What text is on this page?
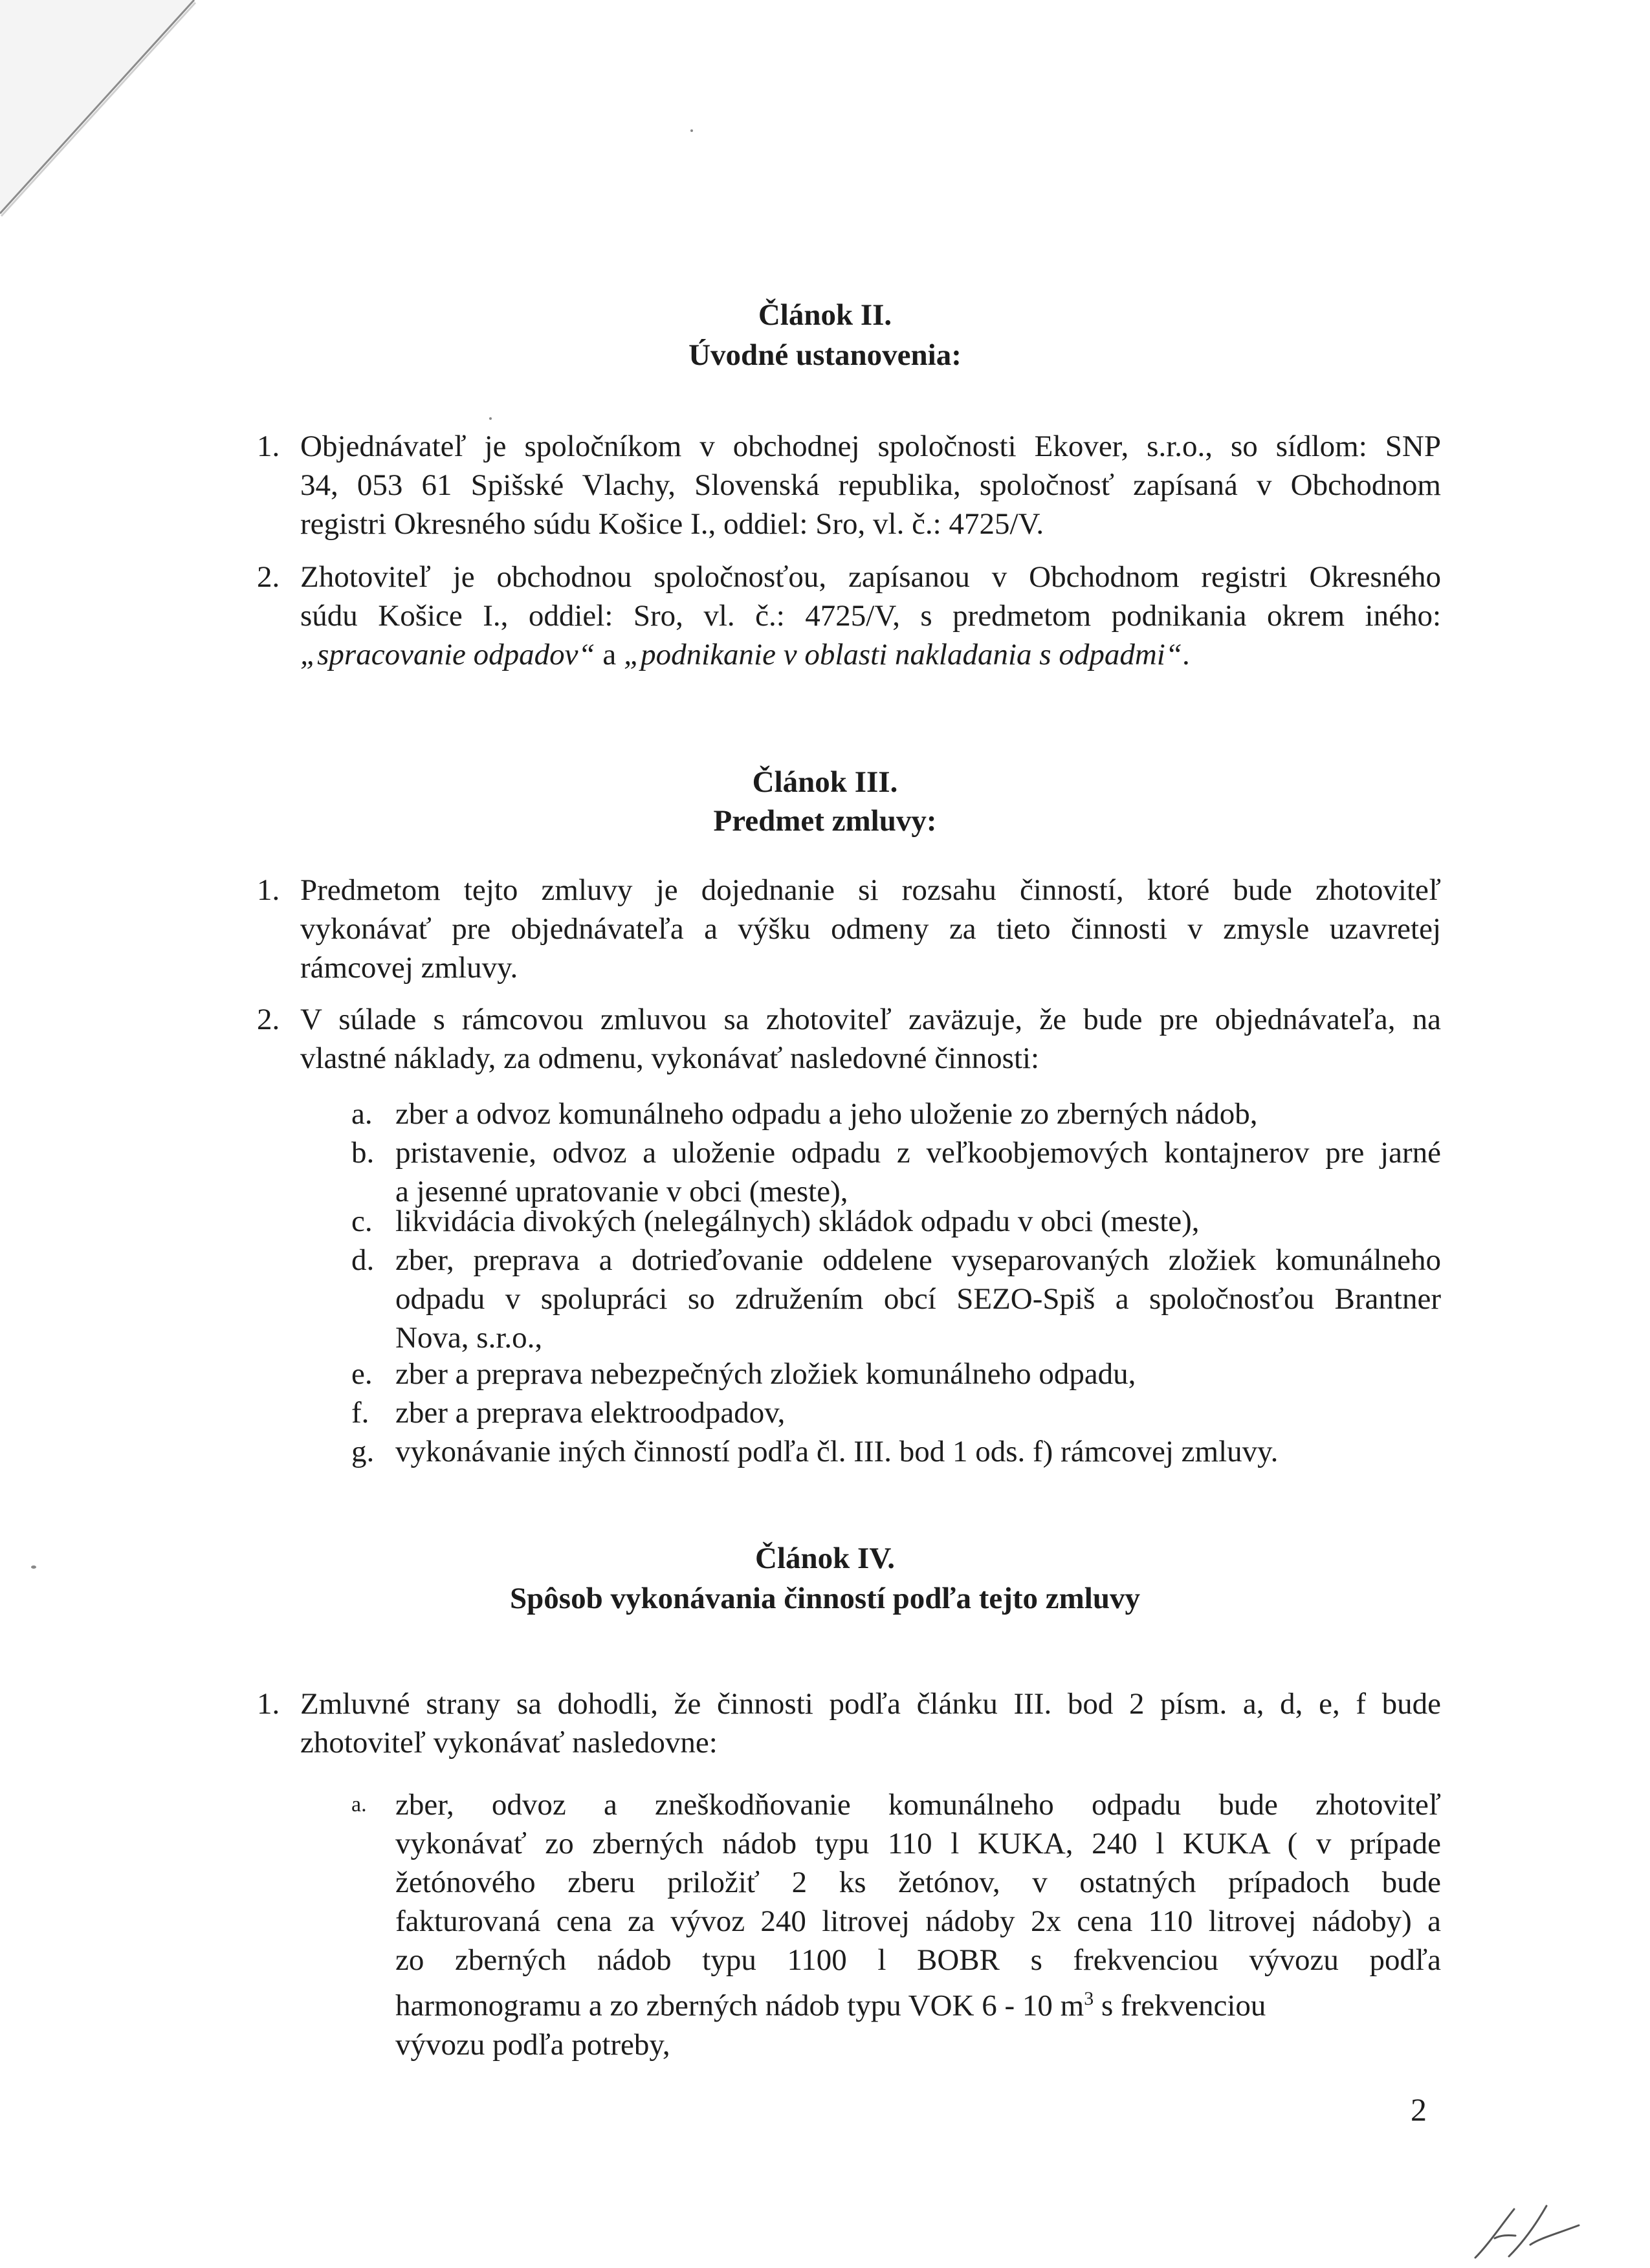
Článok II.
Úvodné ustanovenia:
1. Objednávateľ je spoločníkom v obchodnej spoločnosti Ekover, s.r.o., so sídlom: SNP
34, 053 61 Spišské Vlachy, Slovenská republika, spoločnosť zapísaná v Obchodnom
registri Okresného súdu Košice I., oddiel: Sro, vl. č.: 4725/V.
2. Zhotoviteľ je obchodnou spoločnosťou, zapísanou v Obchodnom registri Okresného
súdu Košice I., oddiel: Sro, vl. č.: 4725/V, s predmetom podnikania okrem iného:
„spracovanie odpadov“ a „podnikanie v oblasti nakladania s odpadmi“.
Článok III.
Predmet zmluvy:
1. Predmetom tejto zmluvy je dojednanie si rozsahu činností, ktoré bude zhotoviteľ
vykonávať pre objednávateľa a výšku odmeny za tieto činnosti v zmysle uzavretej
rámcovej zmluvy.
2. V súlade s rámcovou zmluvou sa zhotoviteľ zaväzuje, že bude pre objednávateľa, na
vlastné náklady, za odmenu, vykonávať nasledovné činnosti:
a. zber a odvoz komunálneho odpadu a jeho uloženie zo zberných nádob,
b. pristavenie, odvoz a uloženie odpadu z veľkoobjemových kontajnerov pre jarné
a jesenné upratovanie v obci (meste),
c. likvidácia divokých (nelegálnych) skládok odpadu v obci (meste),
d. zber, preprava a dotrieďovanie oddelene vyseparovaných zložiek komunálneho
odpadu v spolupráci so združením obcí SEZO-Spiš a spoločnosťou Brantner
Nova, s.r.o.,
e. zber a preprava nebezpečných zložiek komunálneho odpadu,
f. zber a preprava elektroodpadov,
g. vykonávanie iných činností podľa čl. III. bod 1 ods. f) rámcovej zmluvy.
Článok IV.
Spôsob vykonávania činností podľa tejto zmluvy
1. Zmluvné strany sa dohodli, že činnosti podľa článku III. bod 2 písm. a, d, e, f bude
zhotoviteľ vykonávať nasledovne:
a. zber, odvoz a zneškodňovanie komunálneho odpadu bude zhotoviteľ
vykonávať zo zberných nádob typu 110 l KUKA, 240 l KUKA ( v prípade
žetónového zberu priložiť 2 ks žetónov, v ostatných prípadoch bude
fakturovaná cena za vývoz 240 litrovej nádoby 2x cena 110 litrovej nádoby) a
zo zberných nádob typu 1100 l BOBR s frekvenciou vývozu podľa
harmonogramu a zo zberných nádob typu VOK 6 - 10 $m^3$ s frekvenciou
vývozu podľa potreby,
2
